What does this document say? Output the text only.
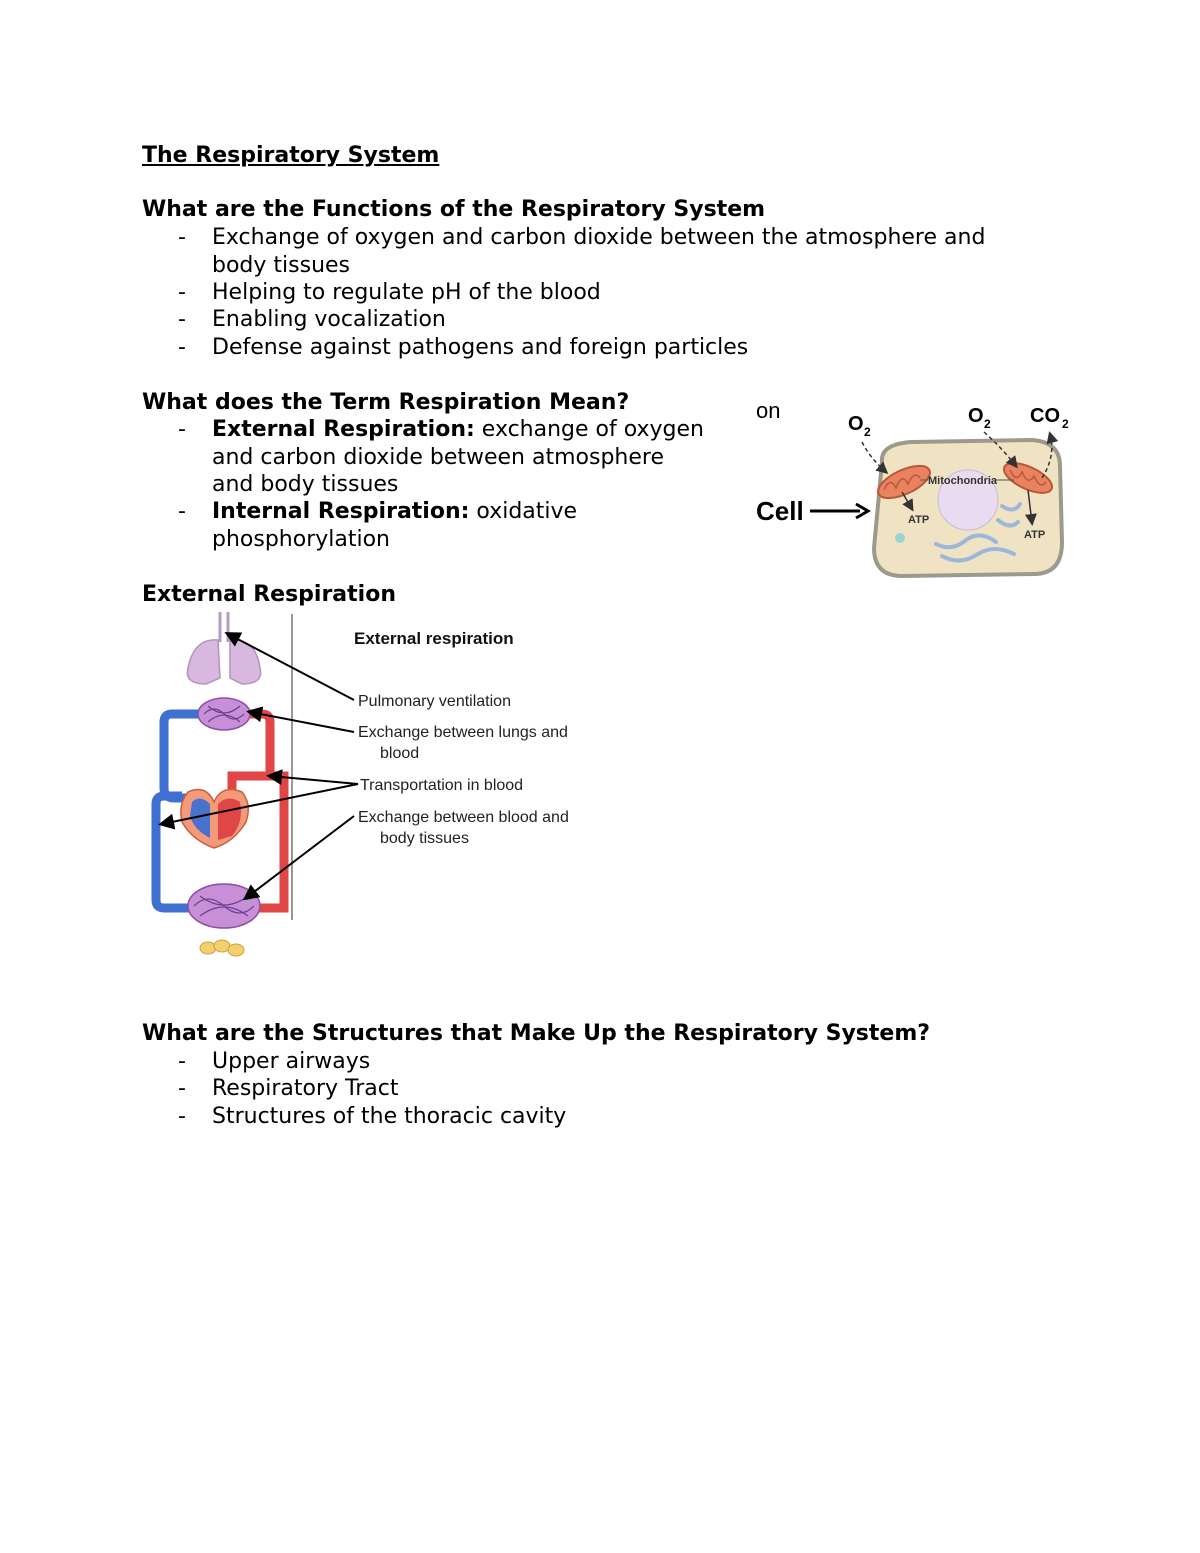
The Respiratory System
What are the Functions of the Respiratory System
- Exchange of oxygen and carbon dioxide between the atmosphere and
body tissues
- Helping to regulate pH of the blood
- Enabling vocalization
- Defense against pathogens and foreign particles
What does the Term Respiration Mean?
- External Respiration: exchange of oxygen
and carbon dioxide between atmosphere
and body tissues
- Internal Respiration: oxidative
phosphorylation
on
Cell
Mitochondria
ATP
ATP
O 2
O 2 CO 2
External Respiration
External respiration
Pulmonary ventilation
Exchange between lungs and
blood
Transportation in blood
Exchange between blood and
body tissues
What are the Structures that Make Up the Respiratory System?
- Upper airways
- Respiratory Tract
- Structures of the thoracic cavity
